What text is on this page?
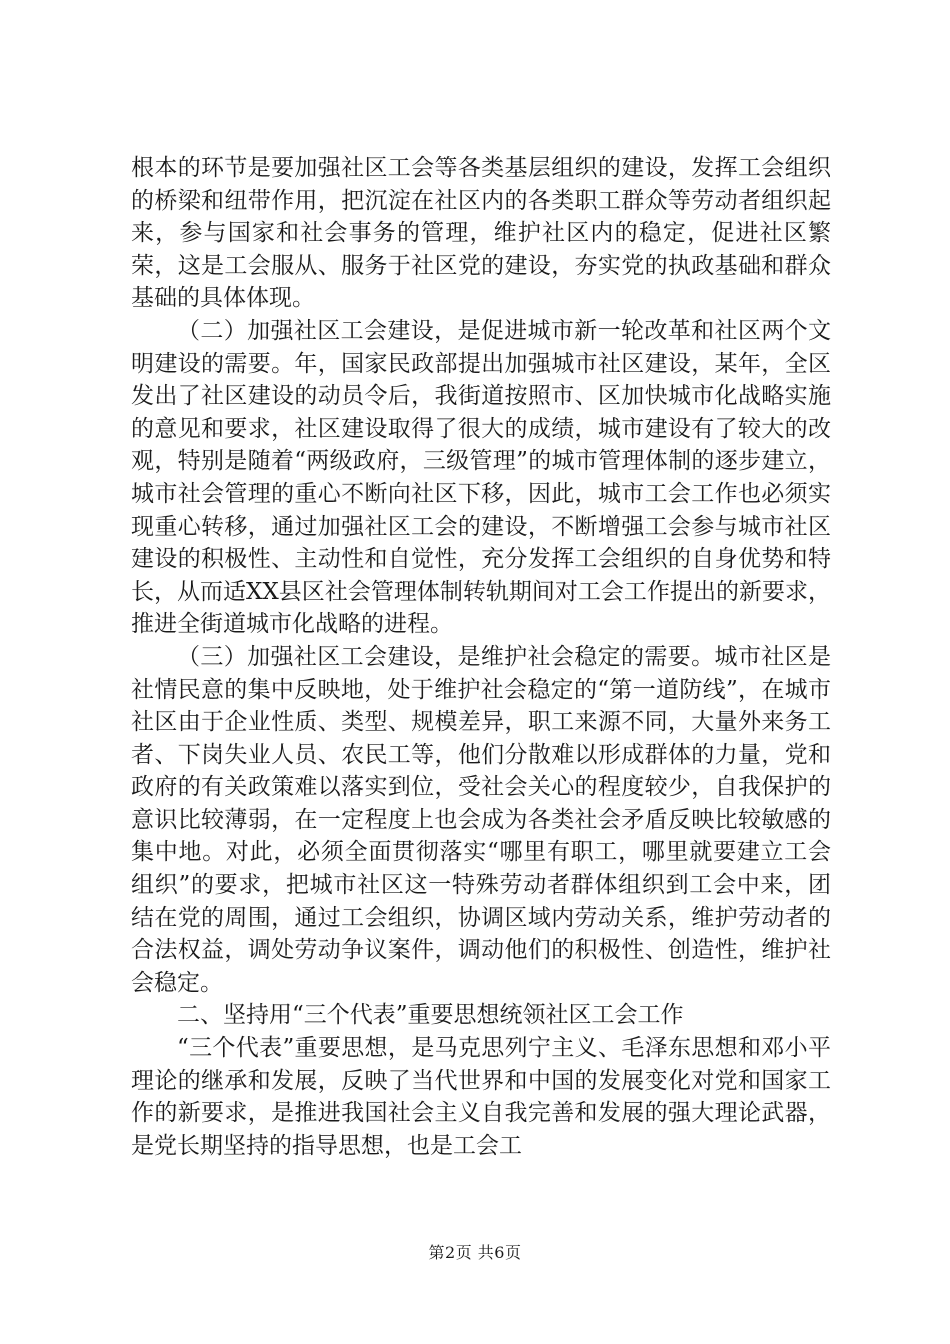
根本的环节是要加强社区工会等各类基层组织的建设，发挥工会组织的桥梁和纽带作用，把沉淀在社区内的各类职工群众等劳动者组织起来，参与国家和社会事务的管理，维护社区内的稳定，促进社区繁荣，这是工会服从、服务于社区党的建设，夯实党的执政基础和群众基础的具体体现。

（二）加强社区工会建设，是促进城市新一轮改革和社区两个文明建设的需要。年，国家民政部提出加强城市社区建设，某年，全区发出了社区建设的动员令后，我街道按照市、区加快城市化战略实施的意见和要求，社区建设取得了很大的成绩，城市建设有了较大的改观，特别是随着“两级政府，三级管理”的城市管理体制的逐步建立，城市社会管理的重心不断向社区下移，因此，城市工会工作也必须实现重心转移，通过加强社区工会的建设，不断增强工会参与城市社区建设的积极性、主动性和自觉性，充分发挥工会组织的自身优势和特长，从而适XX县区社会管理体制转轨期间对工会工作提出的新要求，推进全街道城市化战略的进程。

（三）加强社区工会建设，是维护社会稳定的需要。城市社区是社情民意的集中反映地，处于维护社会稳定的“第一道防线”，在城市社区由于企业性质、类型、规模差异，职工来源不同，大量外来务工者、下岗失业人员、农民工等，他们分散难以形成群体的力量，党和政府的有关政策难以落实到位，受社会关心的程度较少，自我保护的意识比较薄弱，在一定程度上也会成为各类社会矛盾反映比较敏感的集中地。对此，必须全面贯彻落实“哪里有职工，哪里就要建立工会组织”的要求，把城市社区这一特殊劳动者群体组织到工会中来，团结在党的周围，通过工会组织，协调区域内劳动关系，维护劳动者的合法权益，调处劳动争议案件，调动他们的积极性、创造性，维护社会稳定。

二、坚持用“三个代表”重要思想统领社区工会工作

“三个代表”重要思想，是马克思列宁主义、毛泽东思想和邓小平理论的继承和发展，反映了当代世界和中国的发展变化对党和国家工作的新要求，是推进我国社会主义自我完善和发展的强大理论武器，是党长期坚持的指导思想，也是工会工

第2页 共6页
